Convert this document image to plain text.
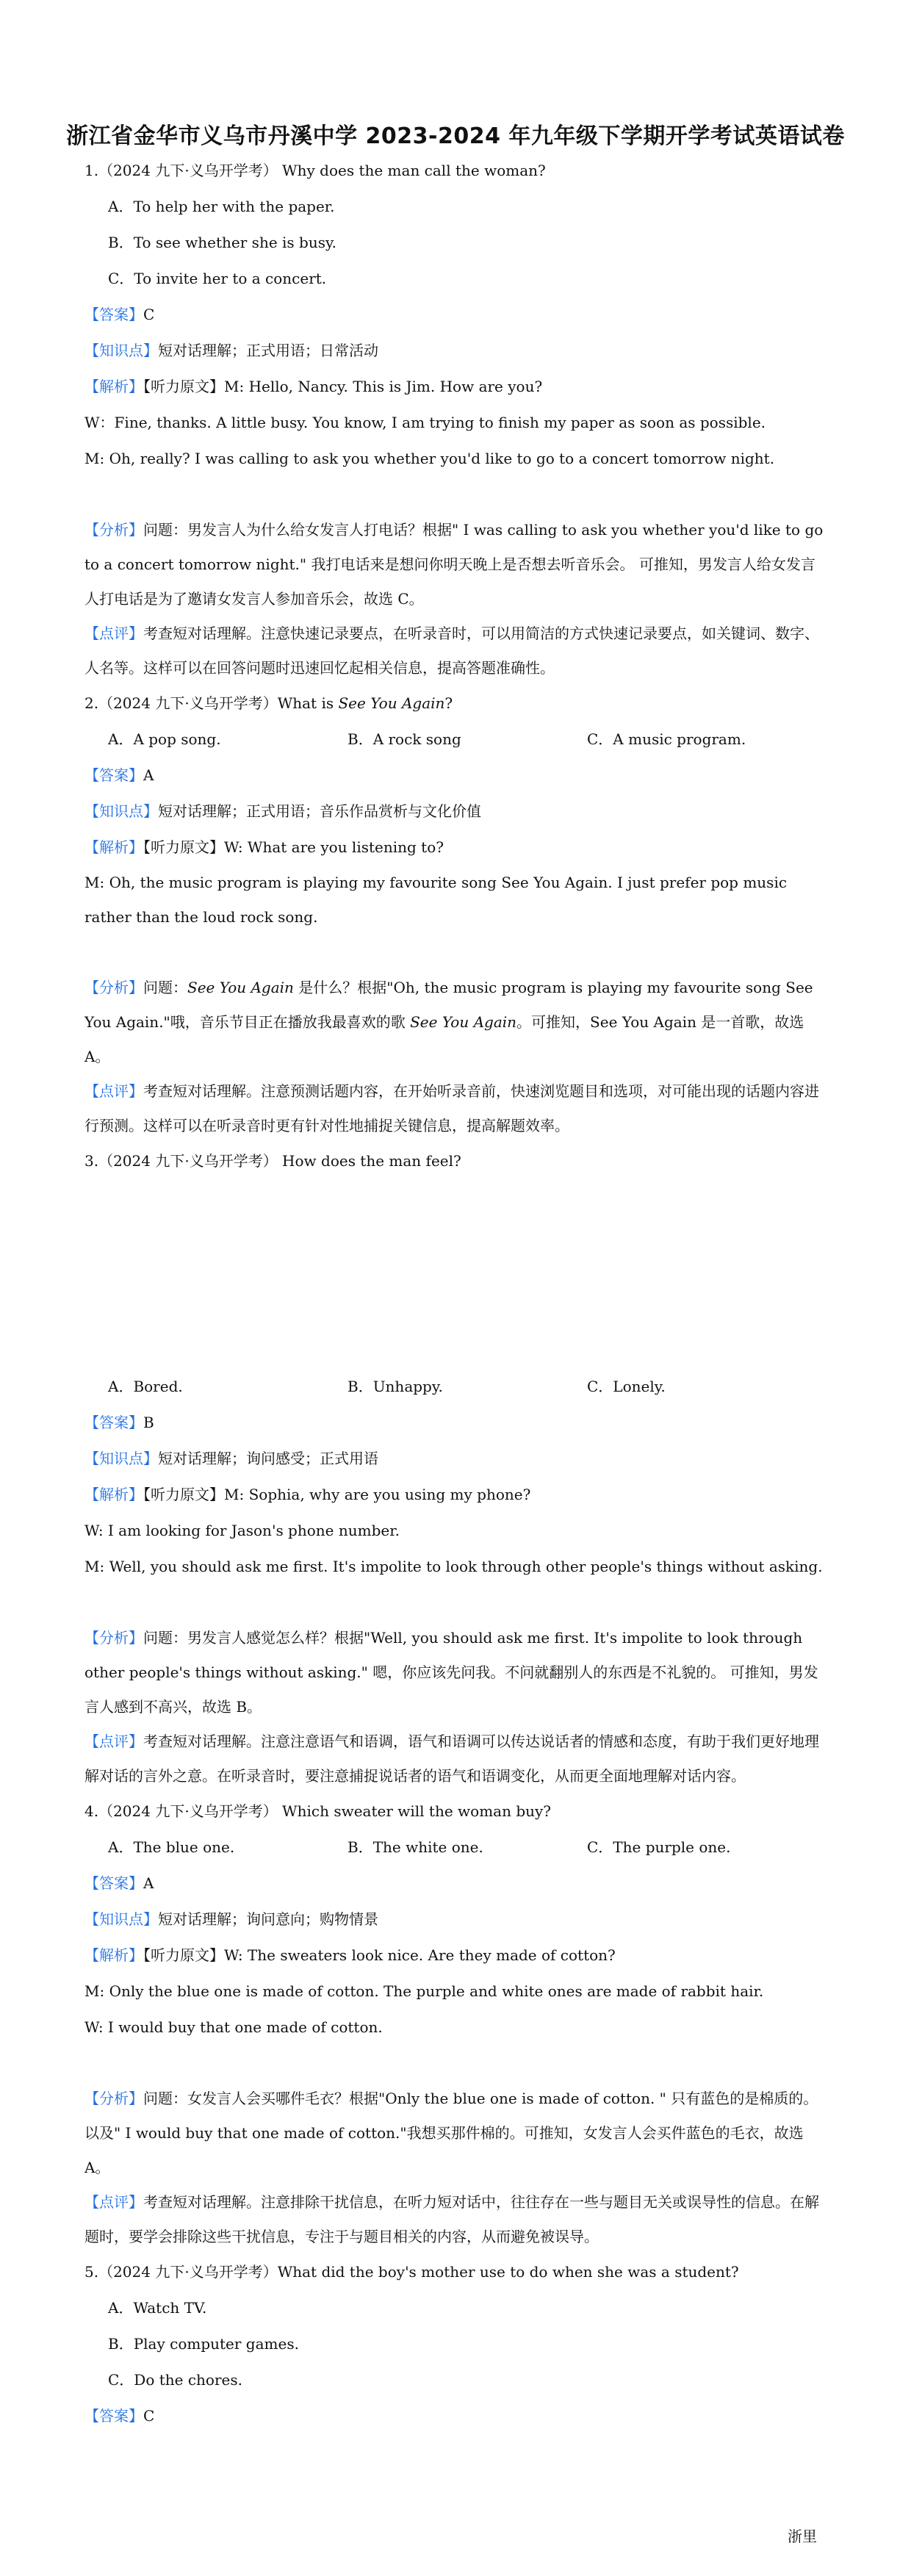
浙江省金华市义乌市丹溪中学 2023-2024 年九年级下学期开学考试英语试卷

1.（2024 九下·义乌开学考） Why does the man call the woman?

A．To help her with the paper.

B．To see whether she is busy.

C．To invite her to a concert.

【答案】C

【知识点】短对话理解；正式用语；日常活动

【解析】【听力原文】M: Hello, Nancy. This is Jim. How are you?

W：Fine, thanks. A little busy. You know, I am trying to finish my paper as soon as possible.

M: Oh, really? I was calling to ask you whether you'd like to go to a concert tomorrow night.

【分析】问题：男发言人为什么给女发言人打电话？根据" I was calling to ask you whether you'd like to go to a concert tomorrow night." 我打电话来是想问你明天晚上是否想去听音乐会。 可推知，男发言人给女发言人打电话是为了邀请女发言人参加音乐会，故选 C。

【点评】考查短对话理解。注意快速记录要点，在听录音时，可以用简洁的方式快速记录要点，如关键词、数字、人名等。这样可以在回答问题时迅速回忆起相关信息，提高答题准确性。

2.（2024 九下·义乌开学考）What is See You Again?

A．A pop song.	B．A rock song	C．A music program.

【答案】A

【知识点】短对话理解；正式用语；音乐作品赏析与文化价值

【解析】【听力原文】W: What are you listening to?

M: Oh, the music program is playing my favourite song See You Again. I just prefer pop music rather than the loud rock song.

【分析】问题：See You Again 是什么？根据"Oh, the music program is playing my favourite song See You Again."哦，音乐节目正在播放我最喜欢的歌 See You Again。可推知，See You Again 是一首歌，故选 A。

【点评】考查短对话理解。注意预测话题内容，在开始听录音前，快速浏览题目和选项，对可能出现的话题内容进行预测。这样可以在听录音时更有针对性地捕捉关键信息，提高解题效率。

3.（2024 九下·义乌开学考） How does the man feel?

A．Bored.	B．Unhappy.	C．Lonely.

【答案】B

【知识点】短对话理解；询问感受；正式用语

【解析】【听力原文】M: Sophia, why are you using my phone?

W: I am looking for Jason's phone number.

M: Well, you should ask me first. It's impolite to look through other people's things without asking.

【分析】问题：男发言人感觉怎么样？根据"Well, you should ask me first. It's impolite to look through other people's things without asking." 嗯，你应该先问我。不问就翻别人的东西是不礼貌的。 可推知，男发言人感到不高兴，故选 B。

【点评】考查短对话理解。注意注意语气和语调，语气和语调可以传达说话者的情感和态度，有助于我们更好地理解对话的言外之意。在听录音时，要注意捕捉说话者的语气和语调变化，从而更全面地理解对话内容。

4.（2024 九下·义乌开学考） Which sweater will the woman buy?

A．The blue one.	B．The white one.	C．The purple one.

【答案】A

【知识点】短对话理解；询问意向；购物情景

【解析】【听力原文】W: The sweaters look nice. Are they made of cotton?

M: Only the blue one is made of cotton. The purple and white ones are made of rabbit hair.

W: I would buy that one made of cotton.

【分析】问题：女发言人会买哪件毛衣？根据"Only the blue one is made of cotton. " 只有蓝色的是棉质的。 以及" I would buy that one made of cotton."我想买那件棉的。可推知，女发言人会买件蓝色的毛衣，故选 A。

【点评】考查短对话理解。注意排除干扰信息，在听力短对话中，往往存在一些与题目无关或误导性的信息。在解题时，要学会排除这些干扰信息，专注于与题目相关的内容，从而避免被误导。

5.（2024 九下·义乌开学考）What did the boy's mother use to do when she was a student?

A．Watch TV.

B．Play computer games.

C．Do the chores.

【答案】C

浙里
